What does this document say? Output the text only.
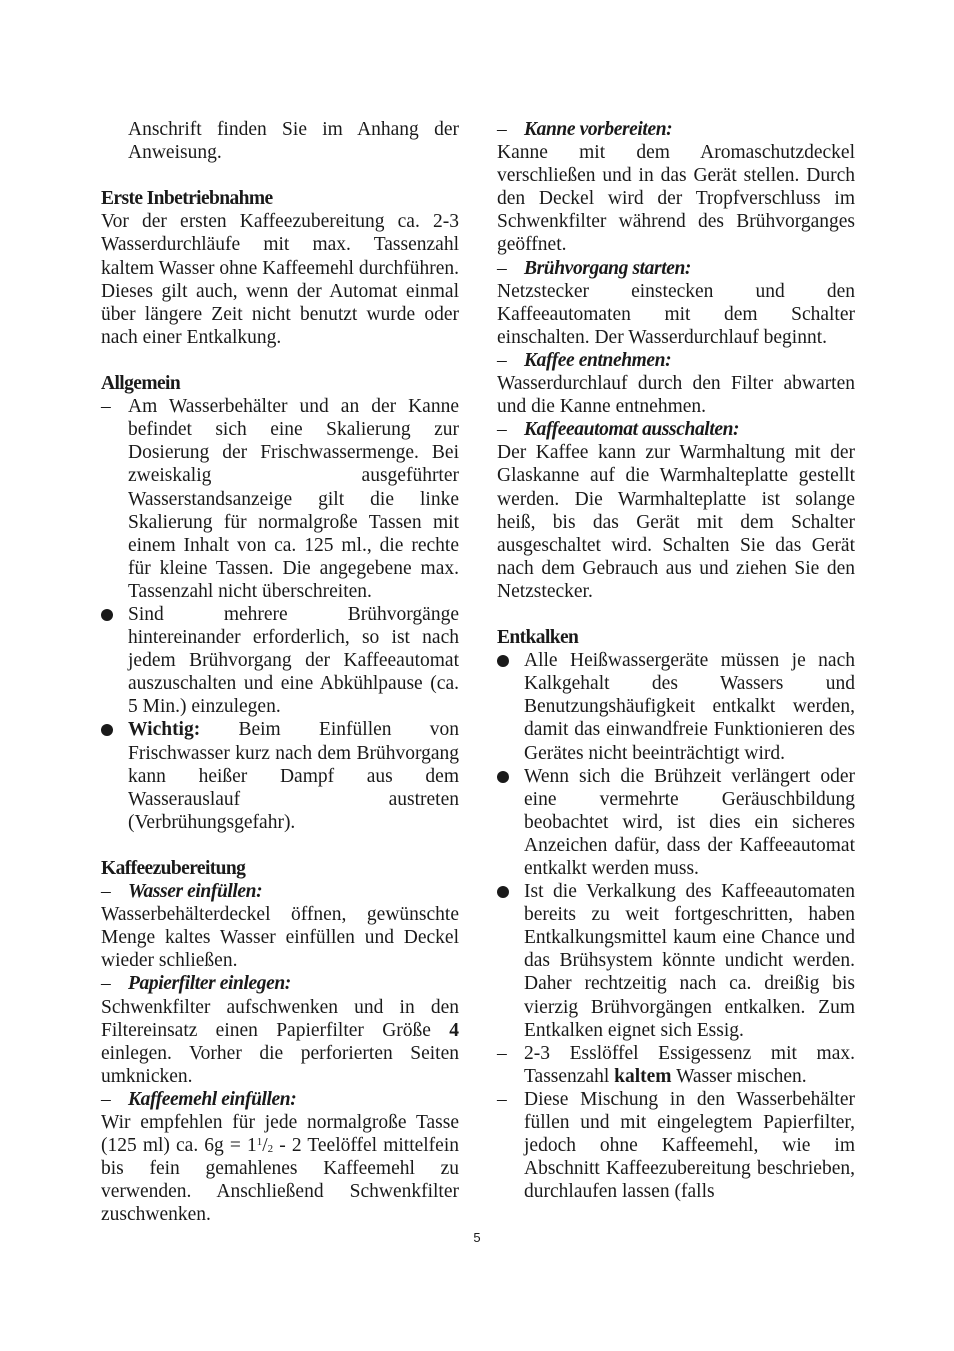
Anschrift finden Sie im Anhang der Anweisung.

Erste Inbetriebnahme

Vor der ersten Kaffeezubereitung ca. 2-3 Wasserdurchläufe mit max. Tassenzahl kaltem Wasser ohne Kaffeemehl durchführen. Dieses gilt auch, wenn der Automat einmal über längere Zeit nicht benutzt wurde oder nach einer Entkalkung.

Allgemein

– Am Wasserbehälter und an der Kanne befindet sich eine Skalierung zur Dosierung der Frischwassermenge. Bei zweiskalig ausgeführter Wasserstandsanzeige gilt die linke Skalierung für normalgroße Tassen mit einem Inhalt von ca. 125 ml., die rechte für kleine Tassen. Die angegebene max. Tassenzahl nicht überschreiten.
Sind mehrere Brühvorgänge hintereinander erforderlich, so ist nach jedem Brühvorgang der Kaffeeautomat auszuschalten und eine Abkühlpause (ca. 5 Min.) einzulegen.
Wichtig: Beim Einfüllen von Frischwasser kurz nach dem Brühvorgang kann heißer Dampf aus dem Wasserauslauf austreten (Verbrühungsgefahr).

Kaffeezubereitung

– Wasser einfüllen:

Wasserbehälterdeckel öffnen, gewünschte Menge kaltes Wasser einfüllen und Deckel wieder schließen.

– Papierfilter einlegen:

Schwenkfilter aufschwenken und in den Filtereinsatz einen Papierfilter Größe 4 einlegen. Vorher die perforierten Seiten umknicken.

– Kaffeemehl einfüllen:

Wir empfehlen für jede normalgroße Tasse (125 ml) ca. $6g = 1^1/_2 - 2$ Teelöffel mittelfein bis fein gemahlenes Kaffeemehl zu verwenden. Anschließend Schwenkfilter zuschwenken.

– Kanne vorbereiten:

Kanne mit dem Aromaschutzdeckel verschließen und in das Gerät stellen. Durch den Deckel wird der Tropfverschluss im Schwenkfilter während des Brühvorganges geöffnet.

– Brühvorgang starten:

Netzstecker einstecken und den Kaffeeautomaten mit dem Schalter einschalten. Der Wasserdurchlauf beginnt.

– Kaffee entnehmen:

Wasserdurchlauf durch den Filter abwarten und die Kanne entnehmen.

– Kaffeeautomat ausschalten:

Der Kaffee kann zur Warmhaltung mit der Glaskanne auf die Warmhalteplatte gestellt werden. Die Warmhalteplatte ist solange heiß, bis das Gerät mit dem Schalter ausgeschaltet wird. Schalten Sie das Gerät nach dem Gebrauch aus und ziehen Sie den Netzstecker.

Entkalken

Alle Heißwassergeräte müssen je nach Kalkgehalt des Wassers und Benutzungshäufigkeit entkalkt werden, damit das einwandfreie Funktionieren des Gerätes nicht beeinträchtigt wird.
Wenn sich die Brühzeit verlängert oder eine vermehrte Geräuschbildung beobachtet wird, ist dies ein sicheres Anzeichen dafür, dass der Kaffeeautomat entkalkt werden muss.
Ist die Verkalkung des Kaffeeautomaten bereits zu weit fortgeschritten, haben Entkalkungsmittel kaum eine Chance und das Brühsystem könnte undicht werden. Daher rechtzeitig nach ca. dreißig bis vierzig Brühvorgängen entkalken. Zum Entkalken eignet sich Essig.
– 2-3 Esslöffel Essigessenz mit max. Tassenzahl kaltem Wasser mischen.
– Diese Mischung in den Wasserbehälter füllen und mit eingelegtem Papierfilter, jedoch ohne Kaffeemehl, wie im Abschnitt Kaffeezubereitung beschrieben, durchlaufen lassen (falls
5
